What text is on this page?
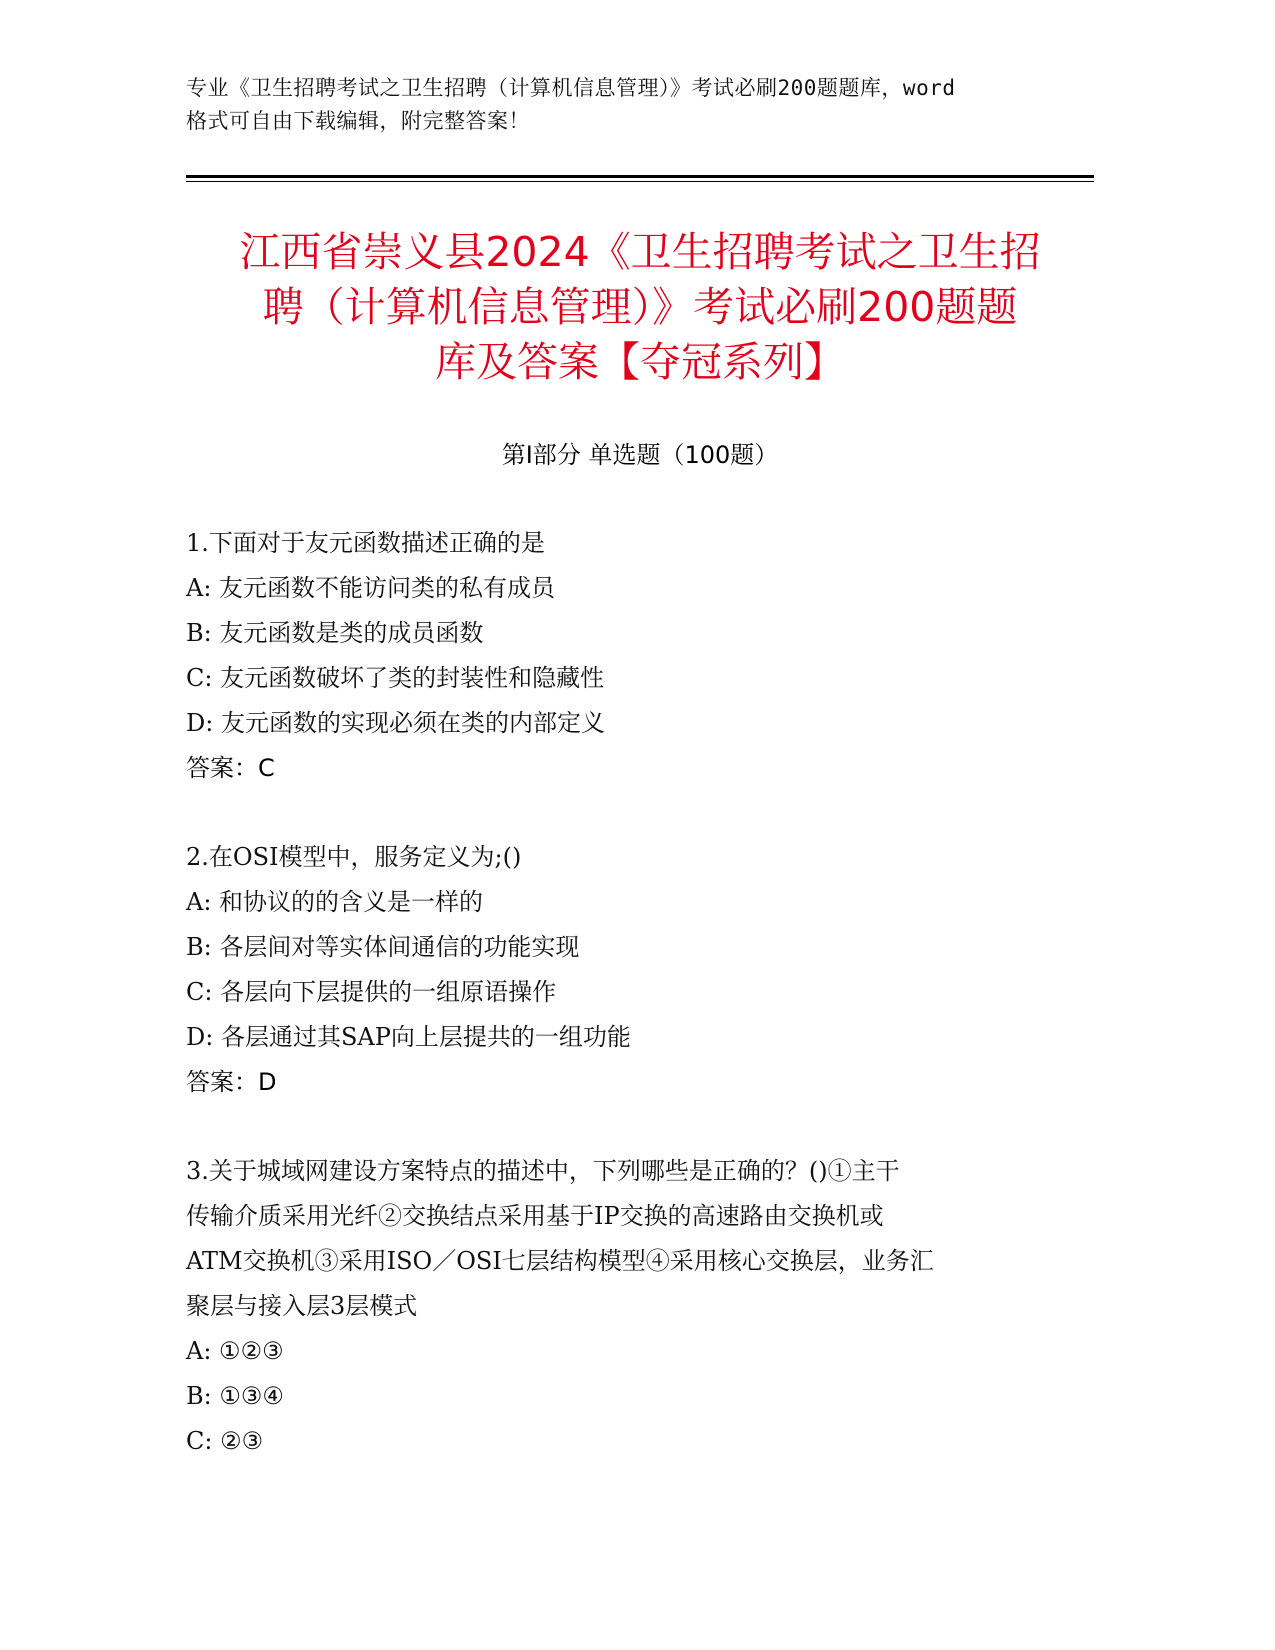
专业《卫生招聘考试之卫生招聘（计算机信息管理）》考试必刷200题题库，word
格式可自由下载编辑，附完整答案！
江西省崇义县2024《卫生招聘考试之卫生招
聘（计算机信息管理）》考试必刷200题题
库及答案【夺冠系列】
第Ⅰ部分 单选题（100题）
1.下面对于友元函数描述正确的是
A: 友元函数不能访问类的私有成员
B: 友元函数是类的成员函数
C: 友元函数破坏了类的封装性和隐藏性
D: 友元函数的实现必须在类的内部定义
答案：C
2.在OSI模型中，服务定义为;()
A: 和协议的的含义是一样的
B: 各层间对等实体间通信的功能实现
C: 各层向下层提供的一组原语操作
D: 各层通过其SAP向上层提共的一组功能
答案：D
3.关于城域网建设方案特点的描述中，下列哪些是正确的？()①主干
传输介质采用光纤②交换结点采用基于IP交换的高速路由交换机或
ATM交换机③采用ISO／OSI七层结构模型④采用核心交换层，业务汇
聚层与接入层3层模式
A: ①②③
B: ①③④
C: ②③
